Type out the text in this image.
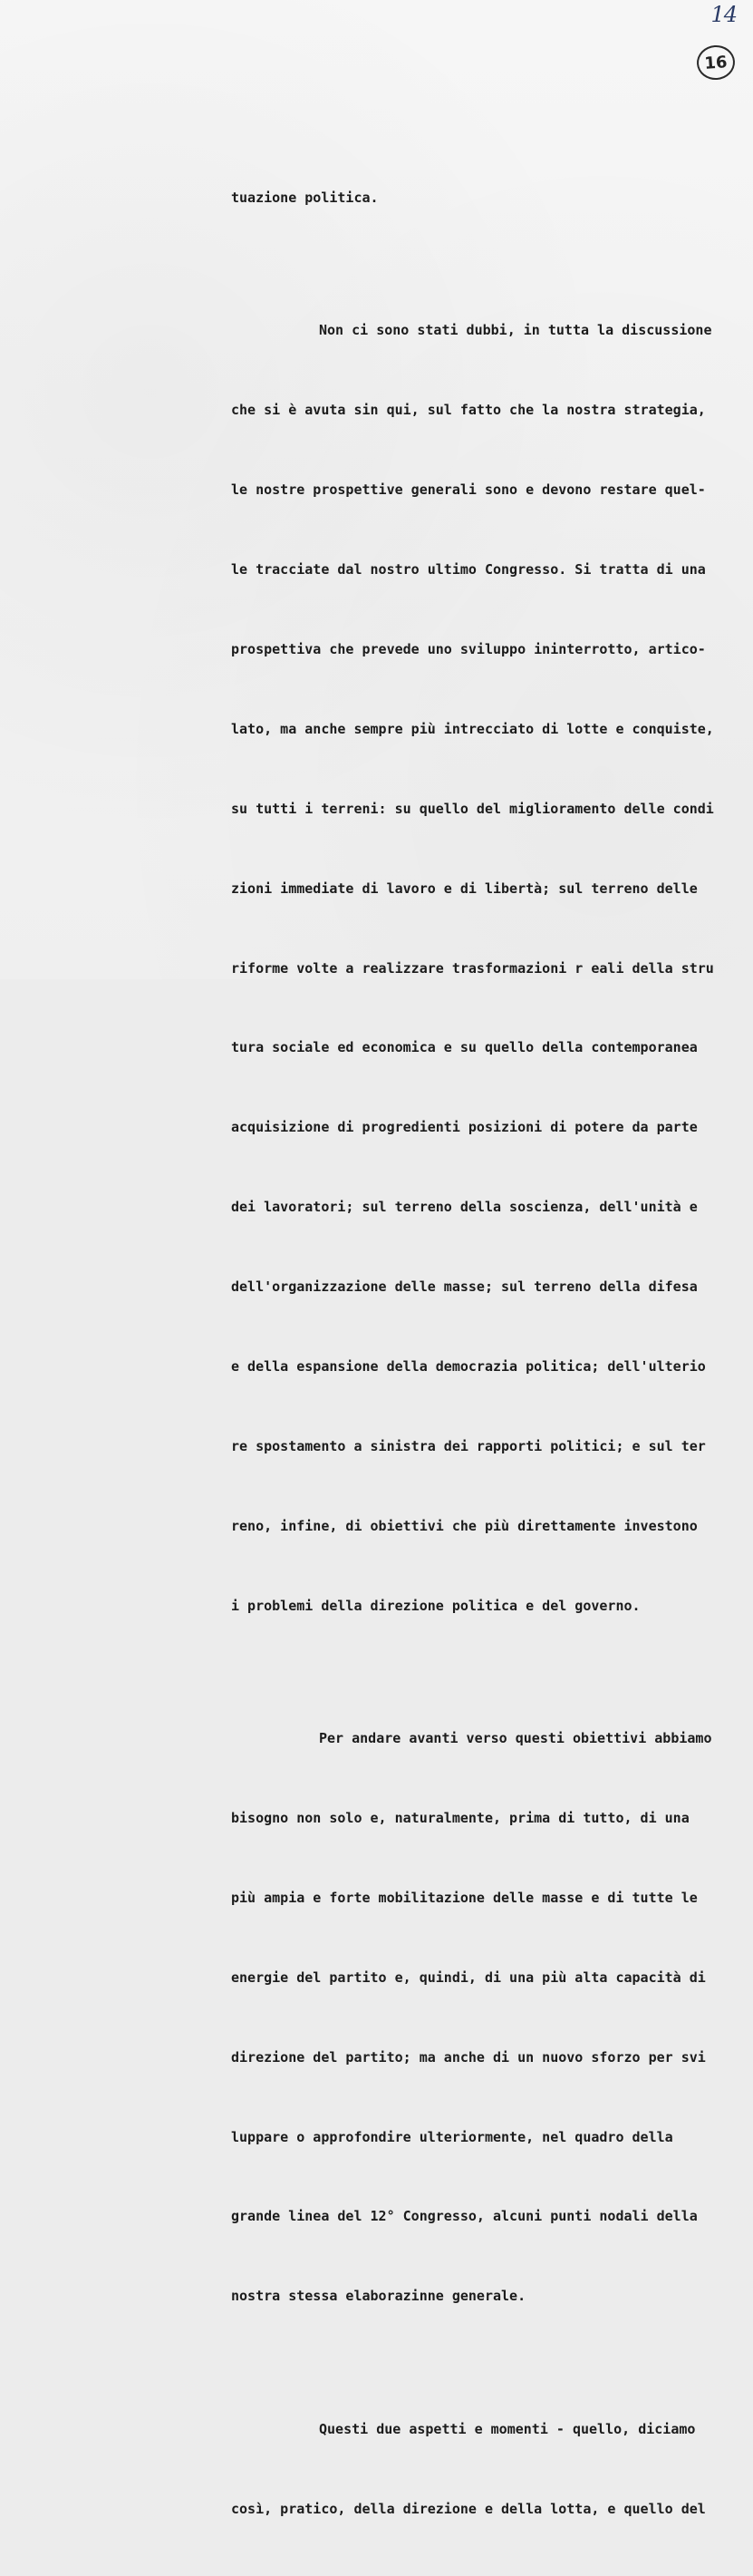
14
16

tuazione politica.

Non ci sono stati dubbi, in tutta la discussione

che si è avuta sin qui, sul fatto che la nostra strategia,

le nostre prospettive generali sono e devono restare quel-

le tracciate dal nostro ultimo Congresso. Si tratta di una

prospettiva che prevede uno sviluppo ininterrotto, artico-

lato, ma anche sempre più intrecciato di lotte e conquiste,

su tutti i terreni: su quello del miglioramento delle condi

zioni immediate di lavoro e di libertà; sul terreno delle

riforme volte a realizzare trasformazioni r eali della stru

tura sociale ed economica e su quello della contemporanea

acquisizione di progredienti posizioni di potere da parte

dei lavoratori; sul terreno della soscienza, dell'unità e

dell'organizzazione delle masse; sul terreno della difesa

e della espansione della democrazia politica; dell'ulterio

re spostamento a sinistra dei rapporti politici; e sul ter

reno, infine, di obiettivi che più direttamente investono

i problemi della direzione politica e del governo.

Per andare avanti verso questi obiettivi abbiamo

bisogno non solo e, naturalmente, prima di tutto, di una

più ampia e forte mobilitazione delle masse e di tutte le

energie del partito e, quindi, di una più alta capacità di

direzione del partito; ma anche di un nuovo sforzo per svi

luppare o approfondire ulteriormente, nel quadro della

grande linea del 12° Congresso, alcuni punti nodali della

nostra stessa elaborazinne generale.

Questi due aspetti e momenti - quello, diciamo

così, pratico, della direzione e della lotta, e quello del
